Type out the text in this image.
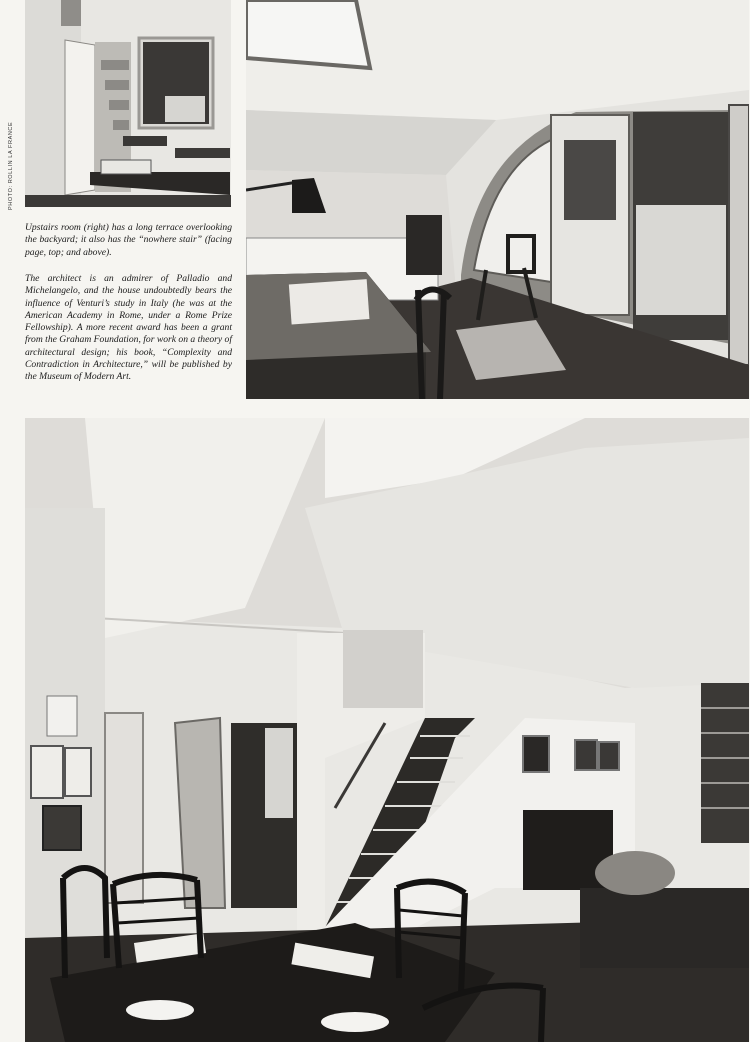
PHOTO: ROLLIN LA FRANCE

Upstairs room (right) has a long terrace overlooking the backyard; it also has the “nowhere stair” (facing page, top; and above).

The architect is an admirer of Palladio and Michelangelo, and the house undoubtedly bears the influence of Venturi’s study in Italy (he was at the American Academy in Rome, under a Rome Prize Fellowship). A more recent award has been a grant from the Graham Foundation, for work on a theory of architectural design; his book, “Complexity and Contradiction in Architecture,” will be published by the Museum of Modern Art.
